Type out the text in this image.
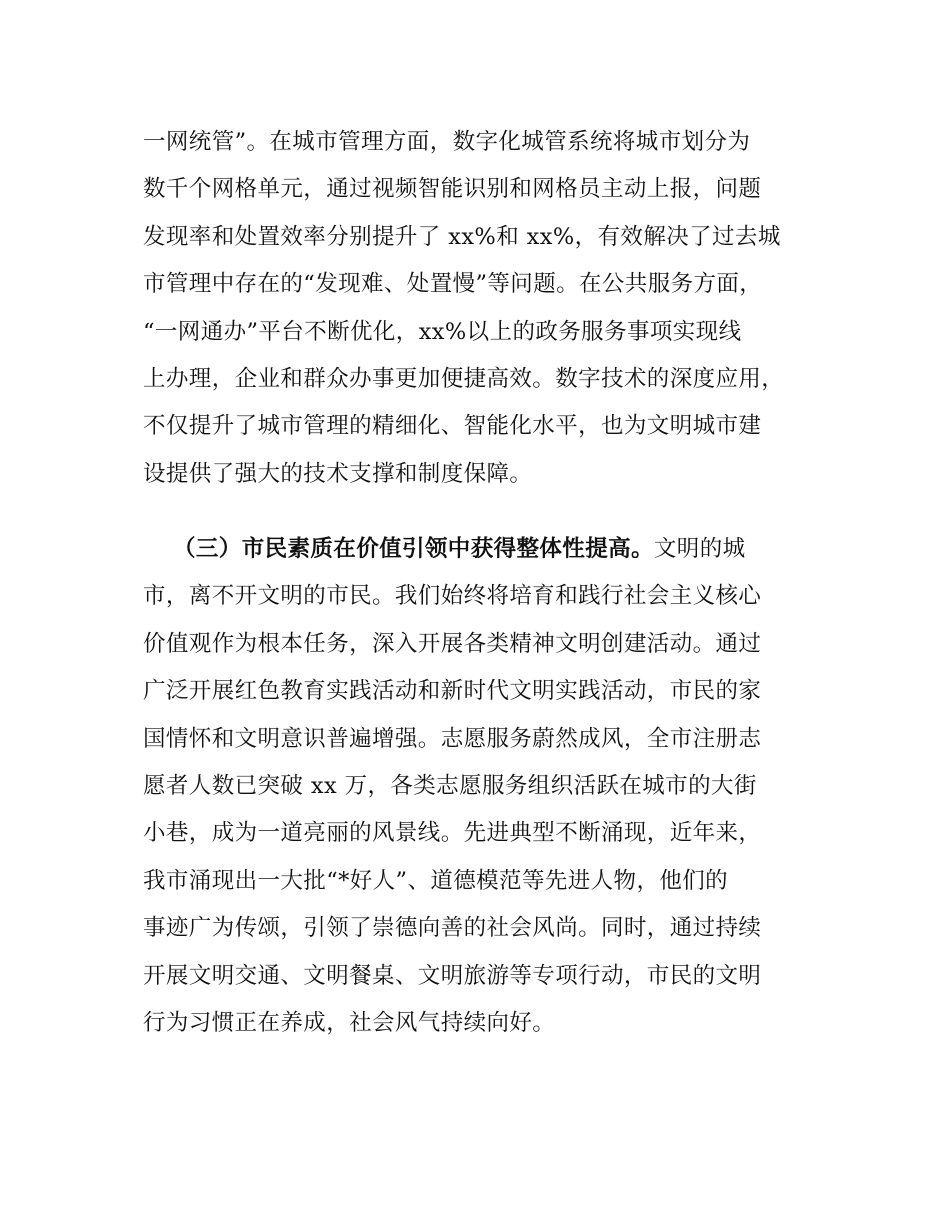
一网统管”。在城市管理方面，数字化城管系统将城市划分为
数千个网格单元，通过视频智能识别和网格员主动上报，问题
发现率和处置效率分别提升了 xx%和 xx%，有效解决了过去城
市管理中存在的“发现难、处置慢”等问题。在公共服务方面，
“一网通办”平台不断优化，xx%以上的政务服务事项实现线
上办理，企业和群众办事更加便捷高效。数字技术的深度应用，
不仅提升了城市管理的精细化、智能化水平，也为文明城市建
设提供了强大的技术支撑和制度保障。
（三）市民素质在价值引领中获得整体性提高。文明的城
市，离不开文明的市民。我们始终将培育和践行社会主义核心
价值观作为根本任务，深入开展各类精神文明创建活动。通过
广泛开展红色教育实践活动和新时代文明实践活动，市民的家
国情怀和文明意识普遍增强。志愿服务蔚然成风，全市注册志
愿者人数已突破 xx 万，各类志愿服务组织活跃在城市的大街
小巷，成为一道亮丽的风景线。先进典型不断涌现，近年来，
我市涌现出一大批“*好人”、道德模范等先进人物，他们的
事迹广为传颂，引领了崇德向善的社会风尚。同时，通过持续
开展文明交通、文明餐桌、文明旅游等专项行动，市民的文明
行为习惯正在养成，社会风气持续向好。
